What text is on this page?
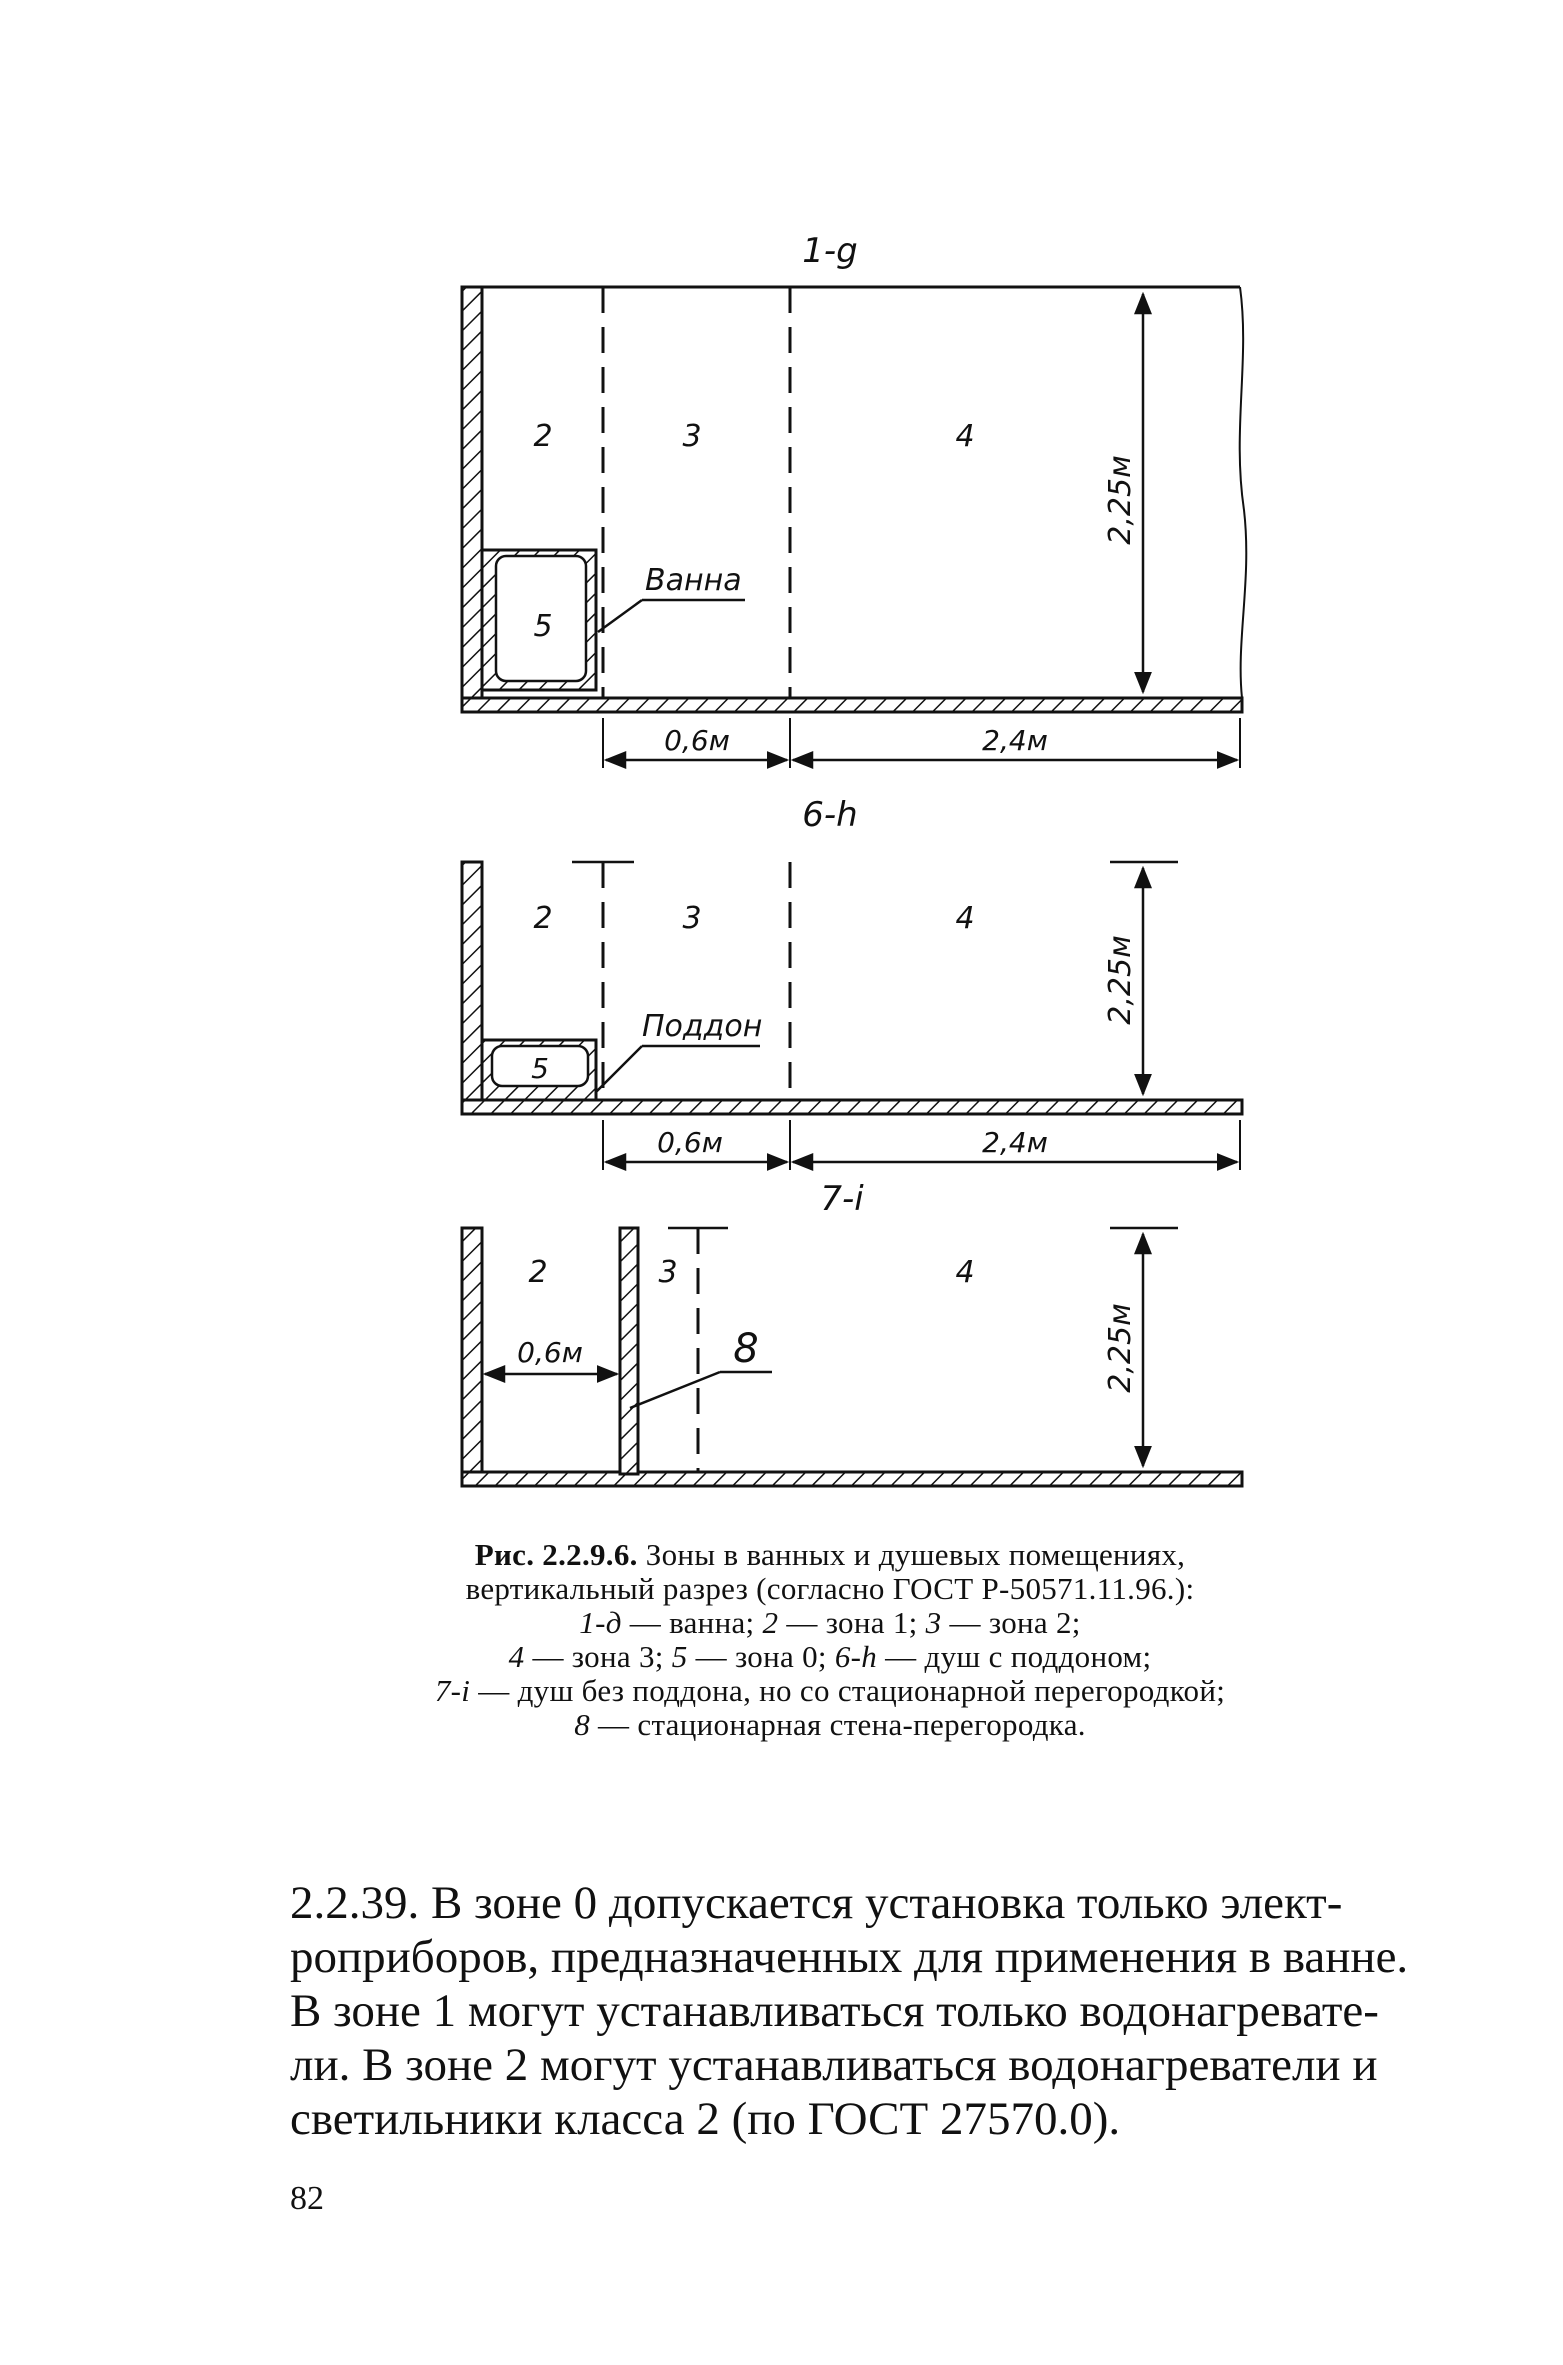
1-g
2	3	4
5
Ванна
2,25м
0,6м	2,4м
6-h
2	3	4
5
Поддон
2,25м
0,6м	2,4м
7-i
2	3	4
0,6м	8	2,25м
Рис. 2.2.9.6. Зоны в ванных и душевых помещениях,
вертикальный разрез (согласно ГОСТ Р-50571.11.96.):
1-д — ванна; 2 — зона 1; 3 — зона 2;
4 — зона 3; 5 — зона 0; 6-h — душ с поддоном;
7-i — душ без поддона, но со стационарной перегородкой;
8 — стационарная стена-перегородка.
2.2.39. В зоне 0 допускается установка только элект-
роприборов, предназначенных для применения в ванне.
В зоне 1 могут устанавливаться только водонагревате-
ли. В зоне 2 могут устанавливаться водонагреватели и
светильники класса 2 (по ГОСТ 27570.0).
82
